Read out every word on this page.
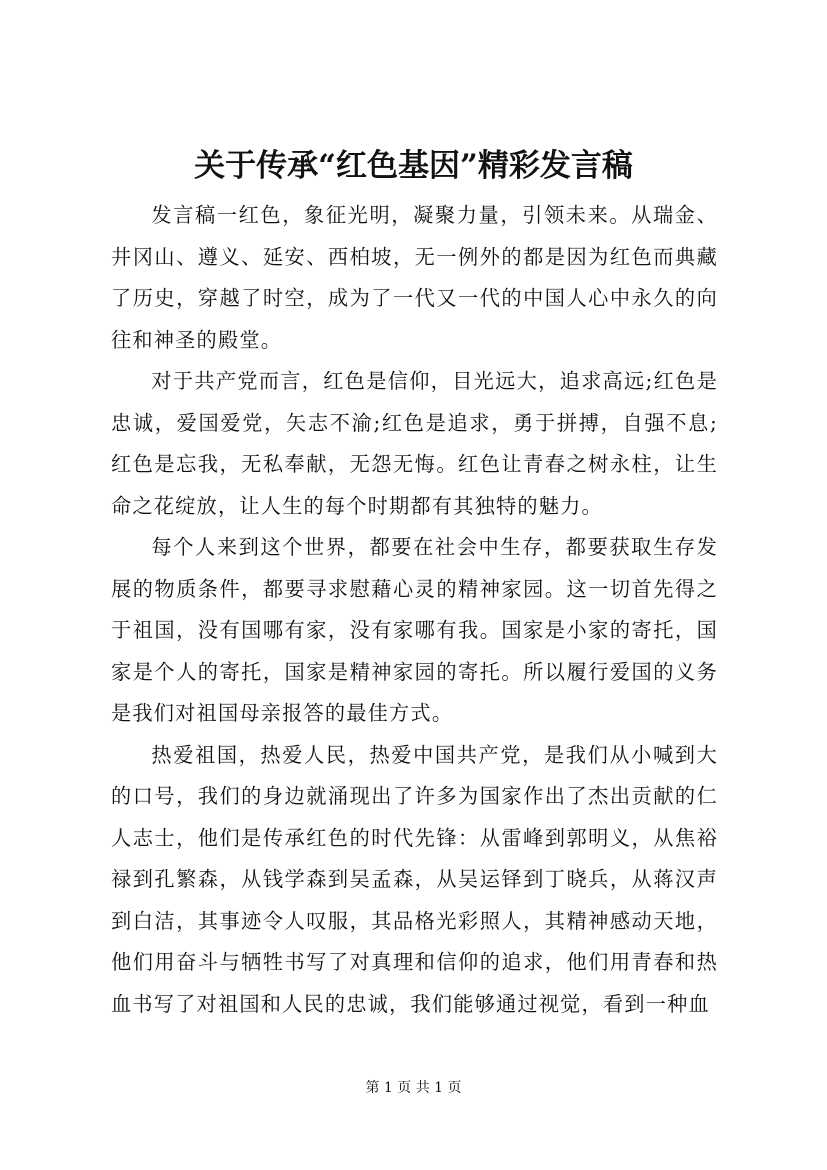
关于传承“红色基因”精彩发言稿

发言稿一红色，象征光明，凝聚力量，引领未来。从瑞金、井冈山、遵义、延安、西柏坡，无一例外的都是因为红色而典藏了历史，穿越了时空，成为了一代又一代的中国人心中永久的向往和神圣的殿堂。

对于共产党而言，红色是信仰，目光远大，追求高远;红色是忠诚，爱国爱党，矢志不渝;红色是追求，勇于拼搏，自强不息;红色是忘我，无私奉献，无怨无悔。红色让青春之树永柱，让生命之花绽放，让人生的每个时期都有其独特的魅力。

每个人来到这个世界，都要在社会中生存，都要获取生存发展的物质条件，都要寻求慰藉心灵的精神家园。这一切首先得之于祖国，没有国哪有家，没有家哪有我。国家是小家的寄托，国家是个人的寄托，国家是精神家园的寄托。所以履行爱国的义务是我们对祖国母亲报答的最佳方式。

热爱祖国，热爱人民，热爱中国共产党，是我们从小喊到大的口号，我们的身边就涌现出了许多为国家作出了杰出贡献的仁人志士，他们是传承红色的时代先锋：从雷峰到郭明义，从焦裕禄到孔繁森，从钱学森到吴孟森，从吴运铎到丁晓兵，从蒋汉声到白洁，其事迹令人叹服，其品格光彩照人，其精神感动天地，他们用奋斗与牺牲书写了对真理和信仰的追求，他们用青春和热血书写了对祖国和人民的忠诚，我们能够通过视觉，看到一种血

第 1 页 共 1 页
